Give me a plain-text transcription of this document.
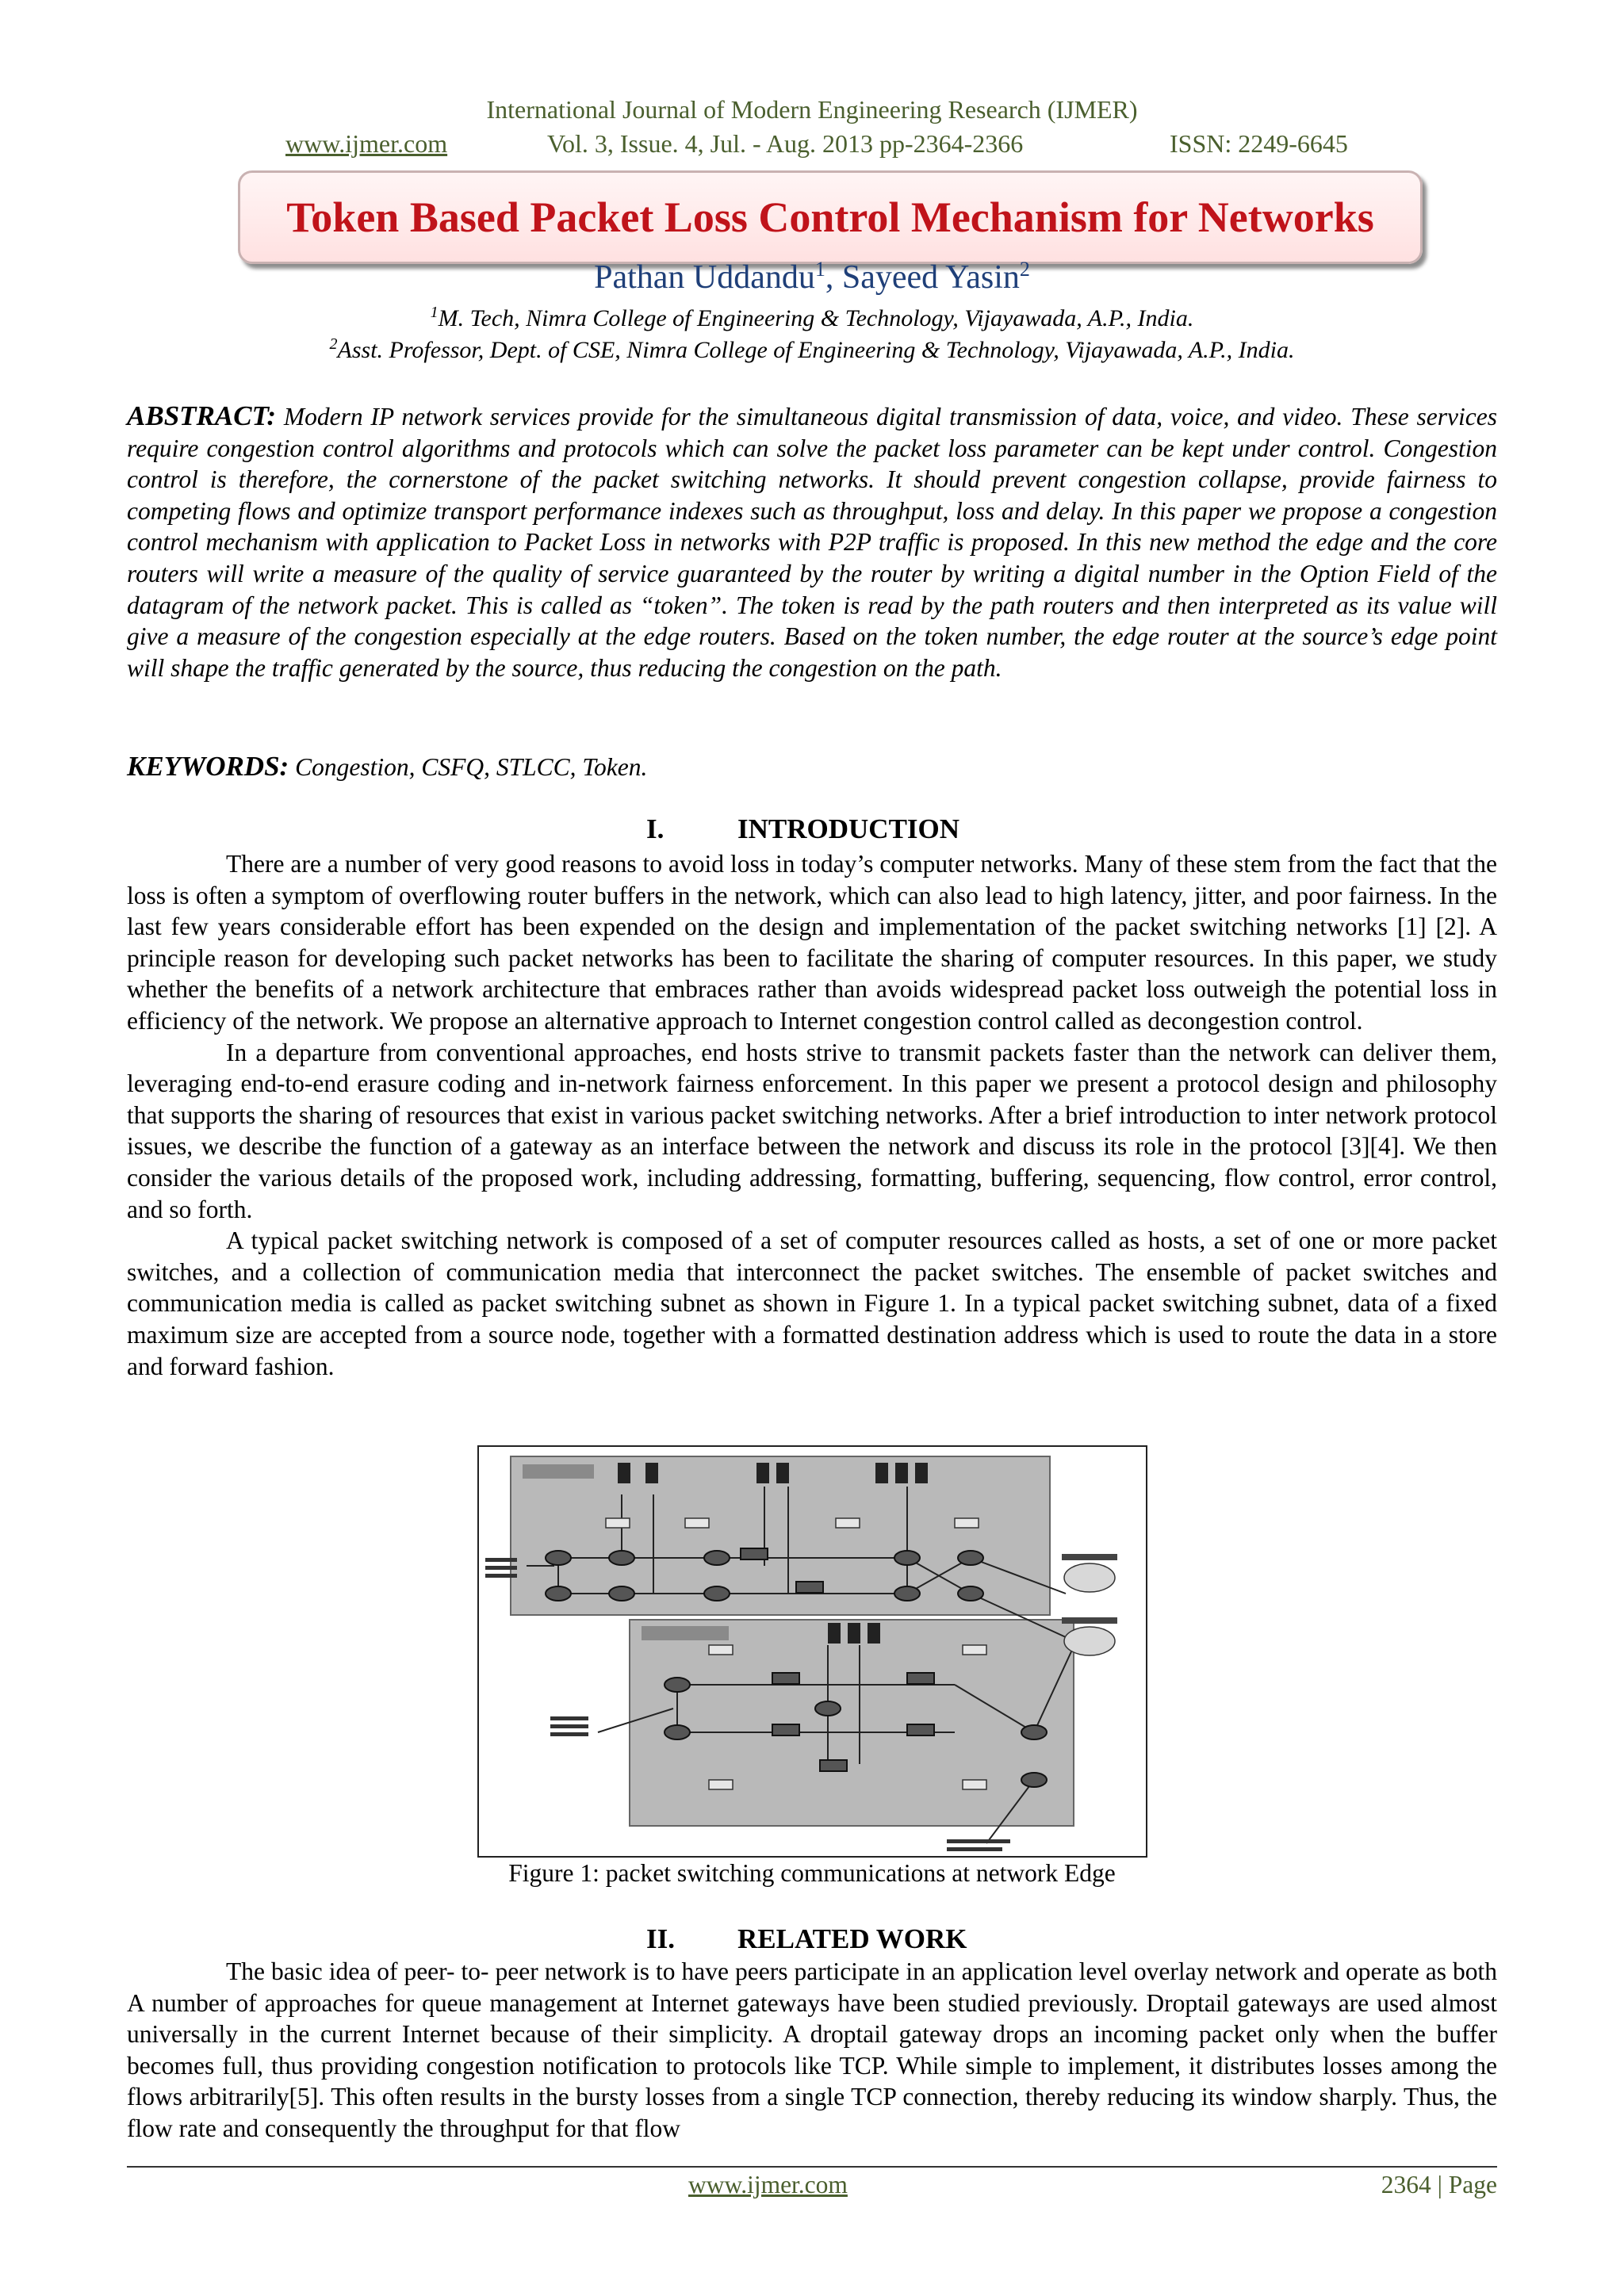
International Journal of Modern Engineering Research (IJMER)
www.ijmer.com	Vol. 3, Issue. 4, Jul. - Aug. 2013 pp-2364-2366	ISSN: 2249-6645
Token Based Packet Loss Control Mechanism for Networks
Pathan Uddandu$^1$, Sayeed Yasin$^2$
$^1$M. Tech, Nimra College of Engineering & Technology, Vijayawada, A.P., India.
$^2$Asst. Professor, Dept. of CSE, Nimra College of Engineering & Technology, Vijayawada, A.P., India.
ABSTRACT: Modern IP network services provide for the simultaneous digital transmission of data, voice, and video. These services require congestion control algorithms and protocols which can solve the packet loss parameter can be kept under control. Congestion control is therefore, the cornerstone of the packet switching networks. It should prevent congestion collapse, provide fairness to competing flows and optimize transport performance indexes such as throughput, loss and delay. In this paper we propose a congestion control mechanism with application to Packet Loss in networks with P2P traffic is proposed. In this new method the edge and the core routers will write a measure of the quality of service guaranteed by the router by writing a digital number in the Option Field of the datagram of the network packet. This is called as “token”. The token is read by the path routers and then interpreted as its value will give a measure of the congestion especially at the edge routers. Based on the token number, the edge router at the source’s edge point will shape the traffic generated by the source, thus reducing the congestion on the path.
KEYWORDS: Congestion, CSFQ, STLCC, Token.
I.	INTRODUCTION

There are a number of very good reasons to avoid loss in today’s computer networks. Many of these stem from the fact that the loss is often a symptom of overflowing router buffers in the network, which can also lead to high latency, jitter, and poor fairness. In the last few years considerable effort has been expended on the design and implementation of the packet switching networks [1] [2]. A principle reason for developing such packet networks has been to facilitate the sharing of computer resources. In this paper, we study whether the benefits of a network architecture that embraces rather than avoids widespread packet loss outweigh the potential loss in efficiency of the network. We propose an alternative approach to Internet congestion control called as decongestion control.

In a departure from conventional approaches, end hosts strive to transmit packets faster than the network can deliver them, leveraging end-to-end erasure coding and in-network fairness enforcement. In this paper we present a protocol design and philosophy that supports the sharing of resources that exist in various packet switching networks. After a brief introduction to inter network protocol issues, we describe the function of a gateway as an interface between the network and discuss its role in the protocol [3][4]. We then consider the various details of the proposed work, including addressing, formatting, buffering, sequencing, flow control, error control, and so forth.

A typical packet switching network is composed of a set of computer resources called as hosts, a set of one or more packet switches, and a collection of communication media that interconnect the packet switches. The ensemble of packet switches and communication media is called as packet switching subnet as shown in Figure 1. In a typical packet switching subnet, data of a fixed maximum size are accepted from a source node, together with a formatted destination address which is used to route the data in a store and forward fashion.

Figure 1: packet switching communications at network Edge
II. RELATED WORK

The basic idea of peer- to- peer network is to have peers participate in an application level overlay network and operate as both A number of approaches for queue management at Internet gateways have been studied previously. Droptail gateways are used almost universally in the current Internet because of their simplicity. A droptail gateway drops an incoming packet only when the buffer becomes full, thus providing congestion notification to protocols like TCP. While simple to implement, it distributes losses among the flows arbitrarily[5]. This often results in the bursty losses from a single TCP connection, thereby reducing its window sharply. Thus, the flow rate and consequently the throughput for that flow

www.ijmer.com	2364 | Page
